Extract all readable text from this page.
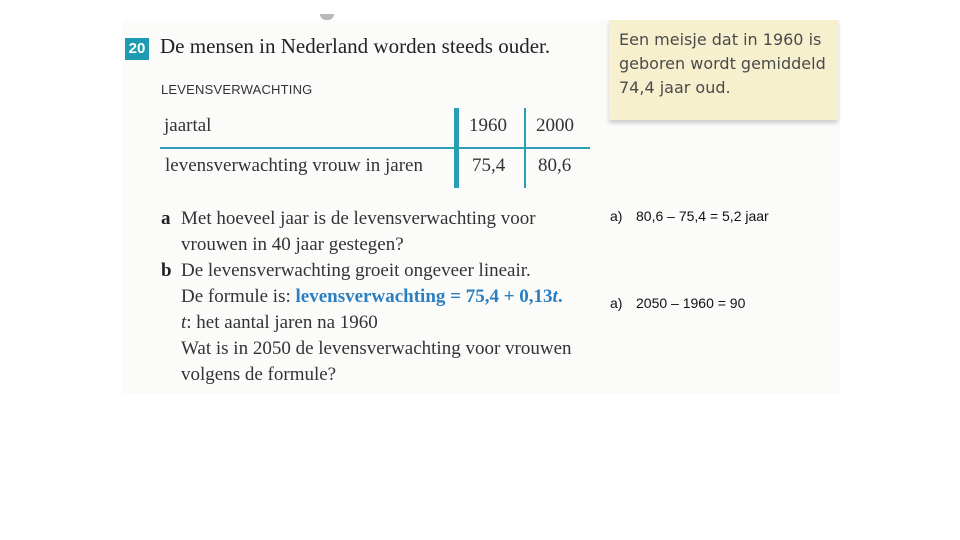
20 De mensen in Nederland worden steeds ouder.
LEVENSVERWACHTING
jaartal	1960 2000
levensverwachting vrouw in jaren	75,4 80,6
Een meisje dat in 1960 is
geboren wordt gemiddeld
74,4 jaar oud.
a Met hoeveel jaar is de levensverwachting voor
vrouwen in 40 jaar gestegen?
b De levensverwachting groeit ongeveer lineair.
De formule is: levensverwachting = 75,4 + 0,13t.
t: het aantal jaren na 1960
Wat is in 2050 de levensverwachting voor vrouwen
volgens de formule?
a) 80,6 – 75,4 = 5,2 jaar
a) 2050 – 1960 = 90
